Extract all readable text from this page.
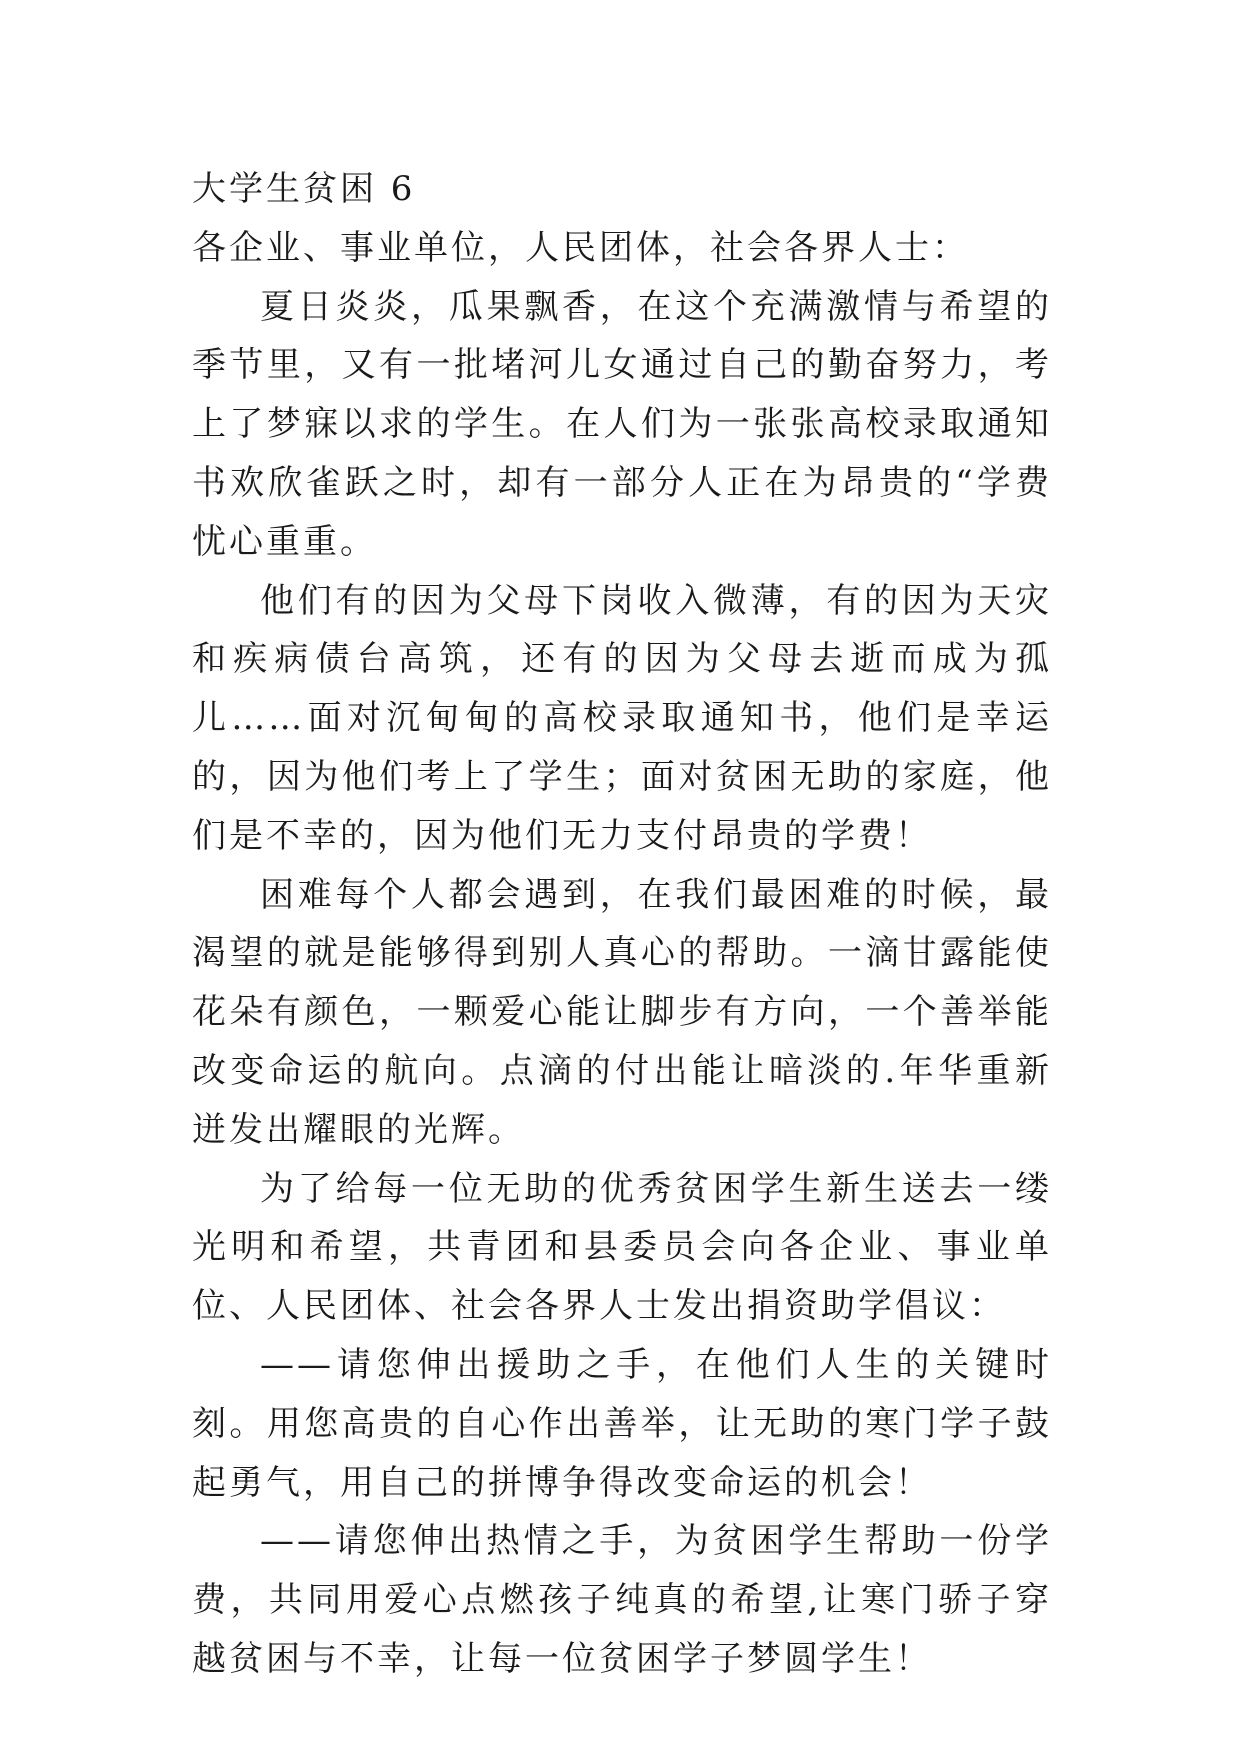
大学生贫困 6

各企业、事业单位，人民团体，社会各界人士：

夏日炎炎，瓜果飘香，在这个充满激情与希望的季节里，又有一批堵河儿女通过自己的勤奋努力，考上了梦寐以求的学生。在人们为一张张高校录取通知书欢欣雀跃之时，却有一部分人正在为昂贵的“学费忧心重重。

他们有的因为父母下岗收入微薄，有的因为天灾和疾病债台高筑，还有的因为父母去逝而成为孤儿……面对沉甸甸的高校录取通知书，他们是幸运的，因为他们考上了学生；面对贫困无助的家庭，他们是不幸的，因为他们无力支付昂贵的学费！

困难每个人都会遇到，在我们最困难的时候，最渴望的就是能够得到别人真心的帮助。一滴甘露能使花朵有颜色，一颗爱心能让脚步有方向，一个善举能改变命运的航向。点滴的付出能让暗淡的.年华重新迸发出耀眼的光辉。

为了给每一位无助的优秀贫困学生新生送去一缕光明和希望，共青团和县委员会向各企业、事业单位、人民团体、社会各界人士发出捐资助学倡议：

——请您伸出援助之手，在他们人生的关键时刻。用您高贵的自心作出善举，让无助的寒门学子鼓起勇气，用自己的拼博争得改变命运的机会！

——请您伸出热情之手，为贫困学生帮助一份学费，共同用爱心点燃孩子纯真的希望,让寒门骄子穿越贫困与不幸，让每一位贫困学子梦圆学生！
